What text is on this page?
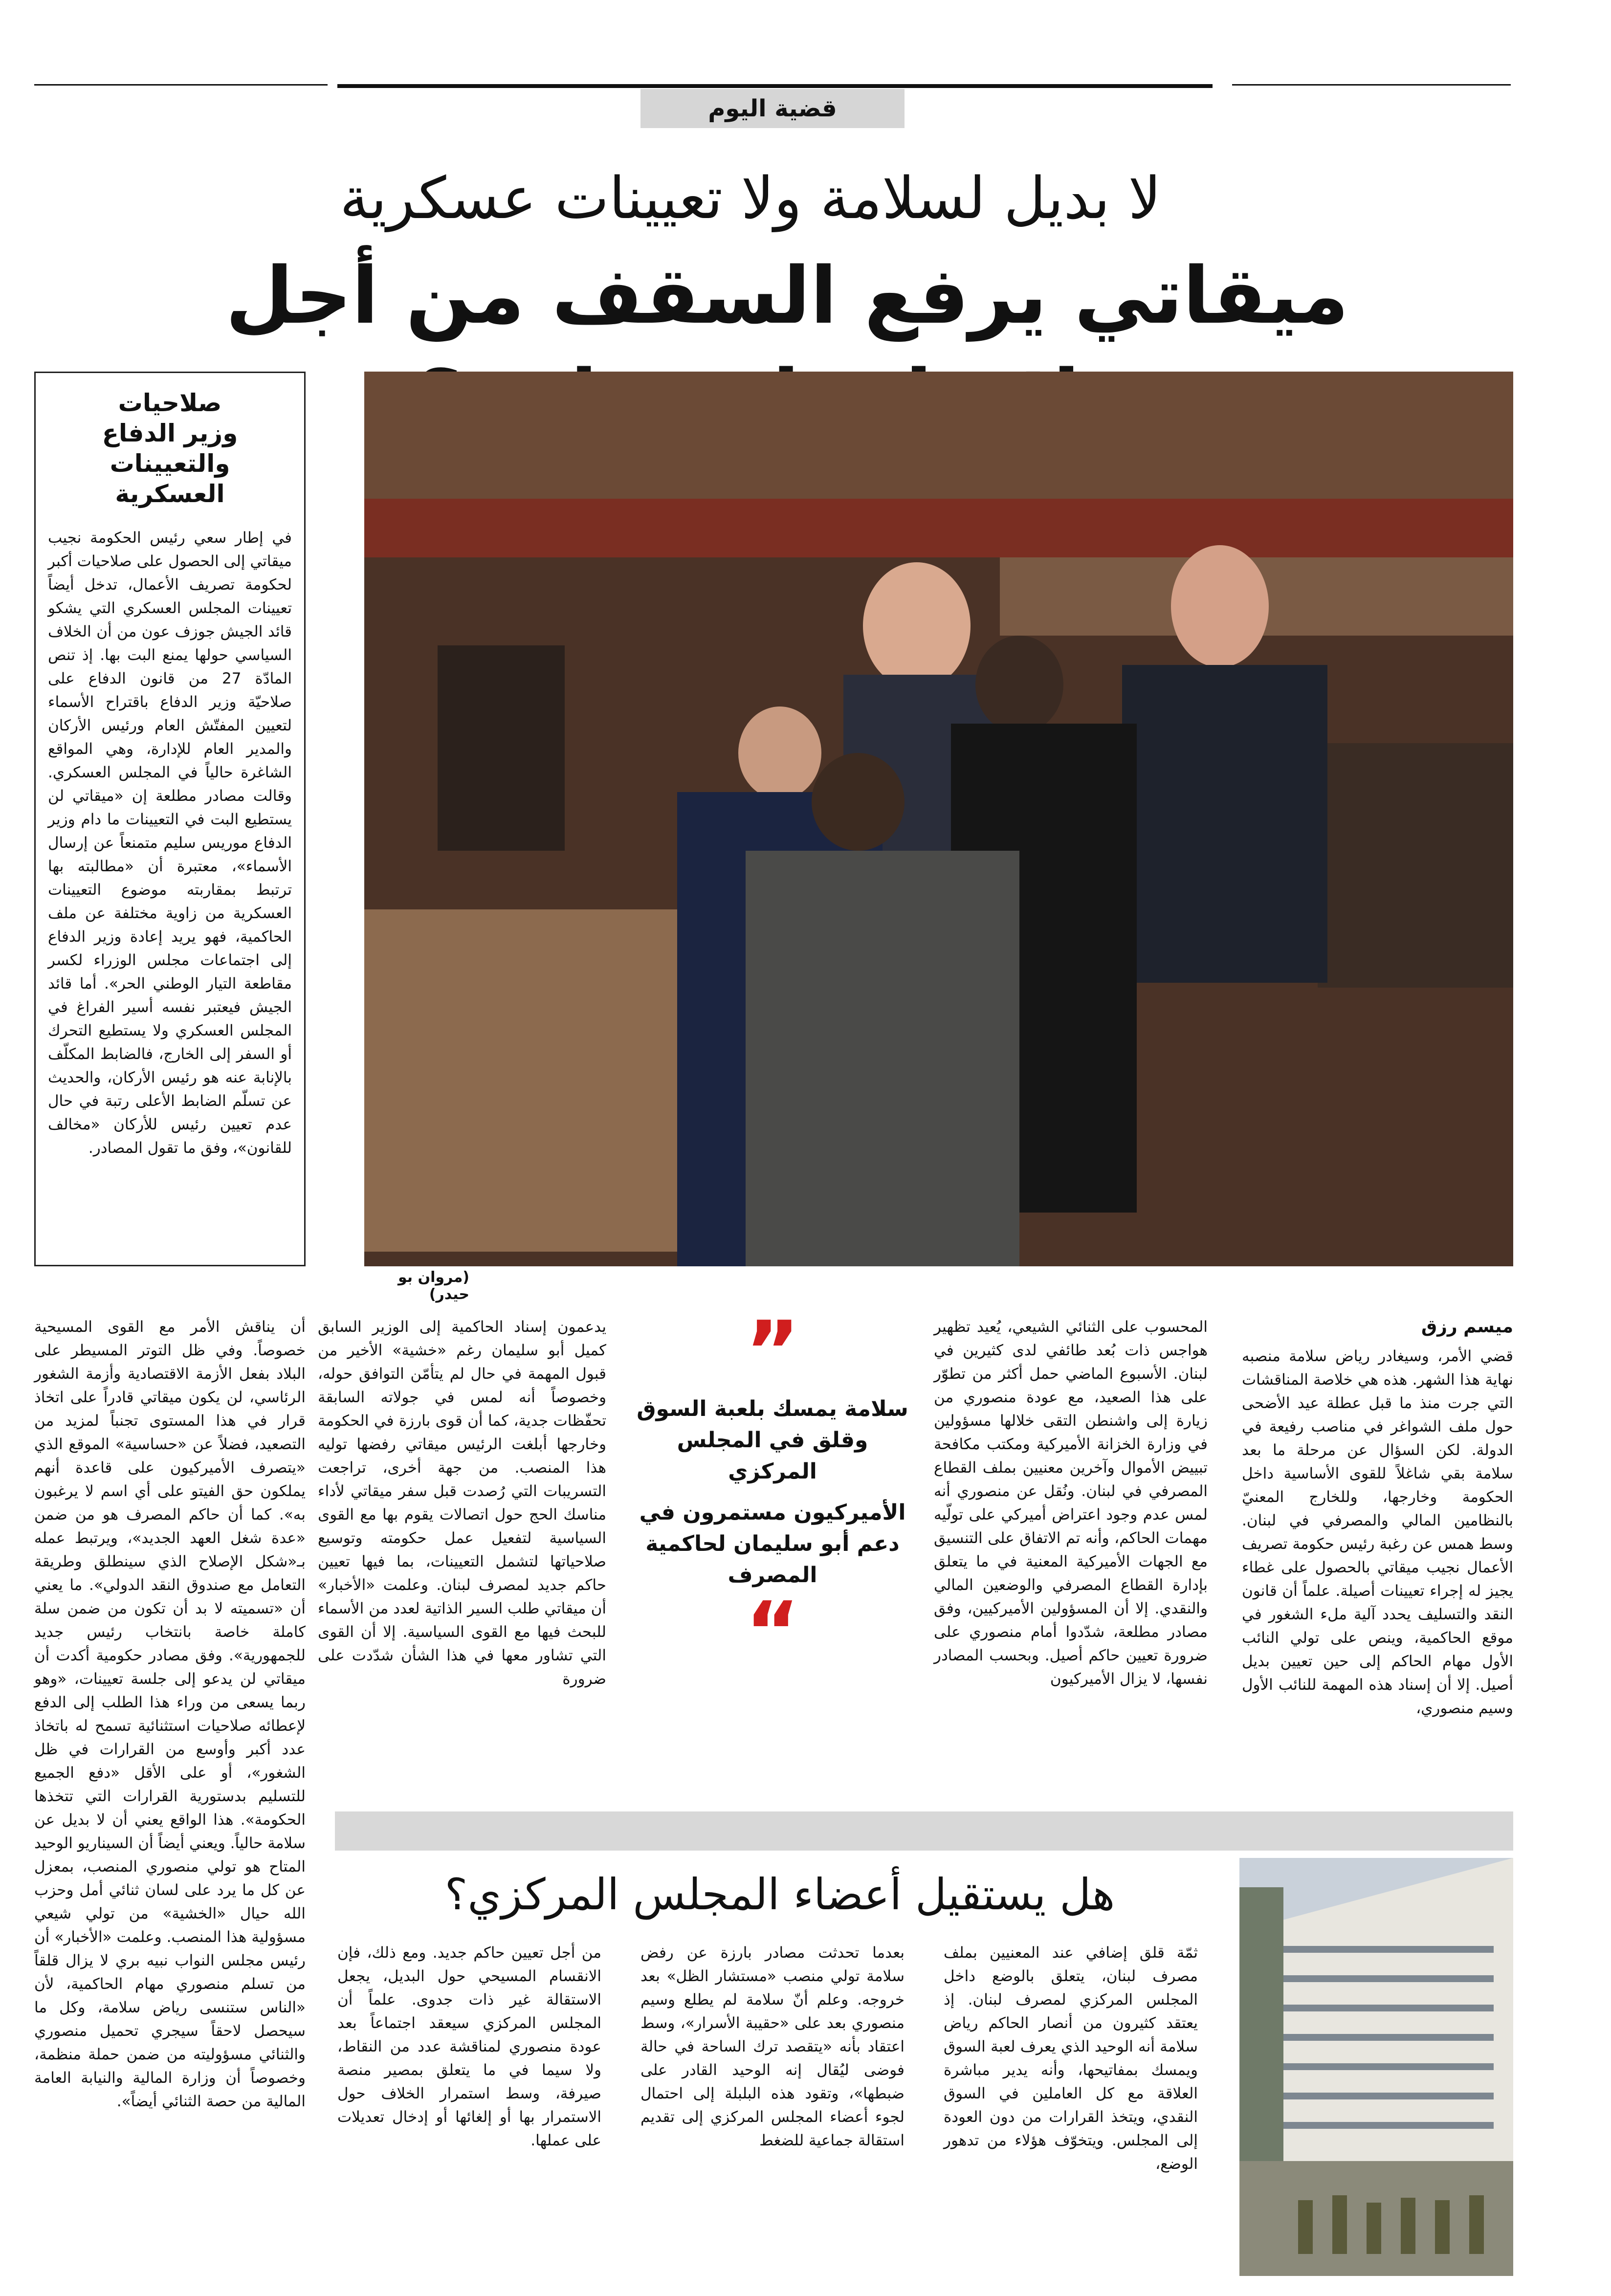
قضية اليوم
لا بديل لسلامة ولا تعيينات عسكرية
ميقاتي يرفع السقف من أجل
(مروان بو حيدر)
صلاحيات
وزير الدفاع
والتعيينات
العسكرية
في إطار سعي رئيس الحكومة نجيب ميقاتي إلى الحصول على صلاحيات أكبر لحكومة تصريف الأعمال، تدخل أيضاً تعيينات المجلس العسكري التي يشكو قائد الجيش جوزف عون من أن الخلاف السياسي حولها يمنع البت بها. إذ تنص المادّة 27 من قانون الدفاع على صلاحيّة وزير الدفاع باقتراح الأسماء لتعيين المفتّش العام ورئيس الأركان والمدير العام للإدارة، وهي المواقع الشاغرة حالياً في المجلس العسكري. وقالت مصادر مطلعة إن «ميقاتي لن يستطيع البت في التعيينات ما دام وزير الدفاع موريس سليم متمنعاً عن إرسال الأسماء»، معتبرة أن «مطالبته بها ترتبط بمقاربته موضوع التعيينات العسكرية من زاوية مختلفة عن ملف الحاكمية، فهو يريد إعادة وزير الدفاع إلى اجتماعات مجلس الوزراء لكسر مقاطعة التيار الوطني الحر». أما قائد الجيش فيعتبر نفسه أسير الفراغ في المجلس العسكري ولا يستطيع التحرك أو السفر إلى الخارج، فالضابط المكلّف بالإنابة عنه هو رئيس الأركان، والحديث عن تسلّم الضابط الأعلى رتبة في حال عدم تعيين رئيس للأركان «مخالف للقانون»، وفق ما تقول المصادر.
ميسم رزق
قضي الأمر، وسيغادر رياض سلامة منصبه نهاية هذا الشهر. هذه هي خلاصة المناقشات التي جرت منذ ما قبل عطلة عيد الأضحى حول ملف الشواغر في مناصب رفيعة في الدولة. لكن السؤال عن مرحلة ما بعد سلامة بقي شاغلاً للقوى الأساسية داخل الحكومة وخارجها، وللخارج المعنيّ بالنظامين المالي والمصرفي في لبنان. وسط همس عن رغبة رئيس حكومة تصريف الأعمال نجيب ميقاتي بالحصول على غطاء يجيز له إجراء تعيينات أصيلة. علماً أن قانون النقد والتسليف يحدد آلية ملء الشغور في موقع الحاكمية، وينص على تولي النائب الأول مهام الحاكم إلى حين تعيين بديل أصيل. إلا أن إسناد هذه المهمة للنائب الأول وسيم منصوري،
المحسوب على الثنائي الشيعي، يُعيد تظهير هواجس ذات بُعد طائفي لدى كثيرين في لبنان. الأسبوع الماضي حمل أكثر من تطوّر على هذا الصعيد، مع عودة منصوري من زيارة إلى واشنطن التقى خلالها مسؤولين في وزارة الخزانة الأميركية ومكتب مكافحة تبييض الأموال وآخرين معنيين بملف القطاع المصرفي في لبنان. ونُقل عن منصوري أنه لمس عدم وجود اعتراض أميركي على تولّيه مهمات الحاكم، وأنه تم الاتفاق على التنسيق مع الجهات الأميركية المعنية في ما يتعلق بإدارة القطاع المصرفي والوضعين المالي والنقدي. إلا أن المسؤولين الأميركيين، وفق مصادر مطلعة، شدّدوا أمام منصوري على ضرورة تعيين حاكم أصيل. وبحسب المصادر نفسها، لا يزال الأميركيون
”
سلامة يمسك بلعبة السوق وقلق في المجلس المركزي
الأميركيون مستمرون في دعم أبو سليمان لحاكمية المصرف
“
يدعمون إسناد الحاكمية إلى الوزير السابق كميل أبو سليمان رغم «خشية» الأخير من قبول المهمة في حال لم يتأمّن التوافق حوله، وخصوصاً أنه لمس في جولاته السابقة تحفّظات جدية، كما أن قوى بارزة في الحكومة وخارجها أبلغت الرئيس ميقاتي رفضها توليه هذا المنصب. من جهة أخرى، تراجعت التسريبات التي رُصدت قبل سفر ميقاتي لأداء مناسك الحج حول اتصالات يقوم بها مع القوى السياسية لتفعيل عمل حكومته وتوسيع صلاحياتها لتشمل التعيينات، بما فيها تعيين حاكم جديد لمصرف لبنان. وعلمت «الأخبار» أن ميقاتي طلب السير الذاتية لعدد من الأسماء للبحث فيها مع القوى السياسية. إلا أن القوى التي تشاور معها في هذا الشأن شدّدت على ضرورة
أن يناقش الأمر مع القوى المسيحية خصوصاً. وفي ظل التوتر المسيطر على البلاد بفعل الأزمة الاقتصادية وأزمة الشغور الرئاسي، لن يكون ميقاتي قادراً على اتخاذ قرار في هذا المستوى تجنباً لمزيد من التصعيد، فضلاً عن «حساسية» الموقع الذي «يتصرف الأميركيون على قاعدة أنهم يملكون حق الفيتو على أي اسم لا يرغبون به». كما أن حاكم المصرف هو من ضمن «عدة شغل العهد الجديد»، ويرتبط عمله بـ«شكل الإصلاح الذي سينطلق وطريقة التعامل مع صندوق النقد الدولي». ما يعني أن «تسميته لا بد أن تكون من ضمن سلة كاملة خاصة بانتخاب رئيس جديد للجمهورية». وفق مصادر حكومية أكدت أن ميقاتي لن يدعو إلى جلسة تعيينات، «وهو ربما يسعى من وراء هذا الطلب إلى الدفع لإعطائه صلاحيات استثنائية تسمح له باتخاذ عدد أكبر وأوسع من القرارات في ظل الشغور»، أو على الأقل «دفع الجميع للتسليم بدستورية القرارات التي تتخذها الحكومة». هذا الواقع يعني أن لا بديل عن سلامة حالياً. ويعني أيضاً أن السيناريو الوحيد المتاح هو تولي منصوري المنصب، بمعزل عن كل ما يرد على لسان ثنائي أمل وحزب الله حيال «الخشية» من تولي شيعي مسؤولية هذا المنصب. وعلمت «الأخبار» أن رئيس مجلس النواب نبيه بري لا يزال قلقاً من تسلم منصوري مهام الحاكمية، لأن «الناس ستنسى رياض سلامة، وكل ما سيحصل لاحقاً سيجري تحميل منصوري والثنائي مسؤوليته من ضمن حملة منظمة، وخصوصاً أن وزارة المالية والنيابة العامة المالية من حصة الثنائي أيضاً».
هل يستقيل أعضاء المجلس المركزي؟
ثمّة قلق إضافي عند المعنيين بملف مصرف لبنان، يتعلق بالوضع داخل المجلس المركزي لمصرف لبنان. إذ يعتقد كثيرون من أنصار الحاكم رياض سلامة أنه الوحيد الذي يعرف لعبة السوق ويمسك بمفاتيحها، وأنه يدير مباشرة العلاقة مع كل العاملين في السوق النقدي، ويتخذ القرارات من دون العودة إلى المجلس. ويتخوّف هؤلاء من تدهور الوضع،
بعدما تحدثت مصادر بارزة عن رفض سلامة تولي منصب «مستشار الظل» بعد خروجه. وعلم أنّ سلامة لم يطلع وسيم منصوري بعد على «حقيبة الأسرار»، وسط اعتقاد بأنه «يتقصد ترك الساحة في حالة فوضى ليُقال إنه الوحيد القادر على ضبطها»، وتقود هذه البلبلة إلى احتمال لجوء أعضاء المجلس المركزي إلى تقديم استقالة جماعية للضغط
من أجل تعيين حاكم جديد. ومع ذلك، فإن الانقسام المسيحي حول البديل، يجعل الاستقالة غير ذات جدوى. علماً أن المجلس المركزي سيعقد اجتماعاً بعد عودة منصوري لمناقشة عدد من النقاط، ولا سيما في ما يتعلق بمصير منصة صيرفة، وسط استمرار الخلاف حول الاستمرار بها أو إلغائها أو إدخال تعديلات على عملها.
